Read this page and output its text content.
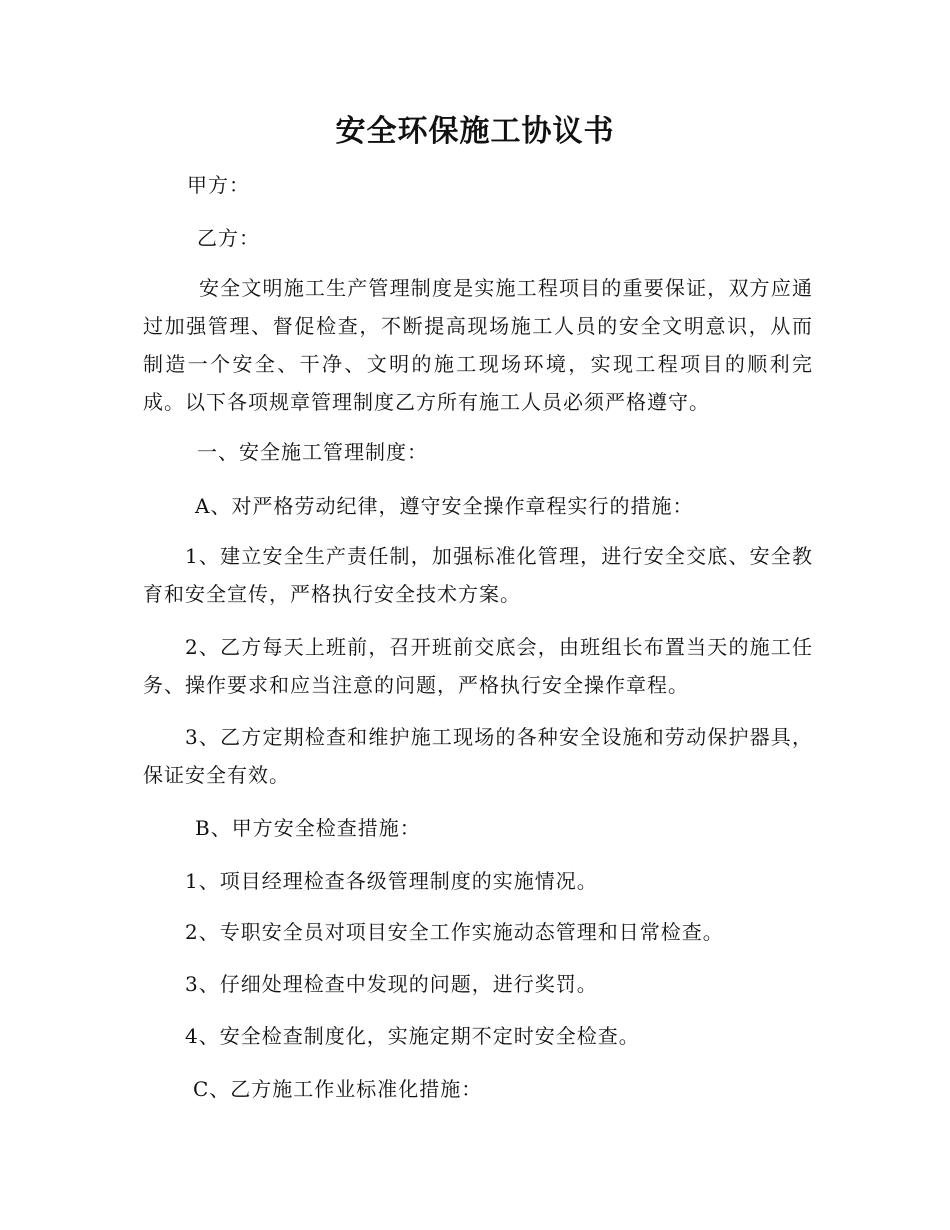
安全环保施工协议书
甲方：
乙方：
安全文明施工生产管理制度是实施工程项目的重要保证，双方应通过加强管理、督促检查，不断提高现场施工人员的安全文明意识，从而制造一个安全、干净、文明的施工现场环境，实现工程项目的顺利完成。以下各项规章管理制度乙方所有施工人员必须严格遵守。
一、安全施工管理制度：
A、对严格劳动纪律，遵守安全操作章程实行的措施：
1、建立安全生产责任制，加强标准化管理，进行安全交底、安全教育和安全宣传，严格执行安全技术方案。
2、乙方每天上班前，召开班前交底会，由班组长布置当天的施工任务、操作要求和应当注意的问题，严格执行安全操作章程。
3、乙方定期检查和维护施工现场的各种安全设施和劳动保护器具，保证安全有效。
B、甲方安全检查措施：
1、项目经理检查各级管理制度的实施情况。
2、专职安全员对项目安全工作实施动态管理和日常检查。
3、仔细处理检查中发现的问题，进行奖罚。
4、安全检查制度化，实施定期不定时安全检查。
C、乙方施工作业标准化措施：
